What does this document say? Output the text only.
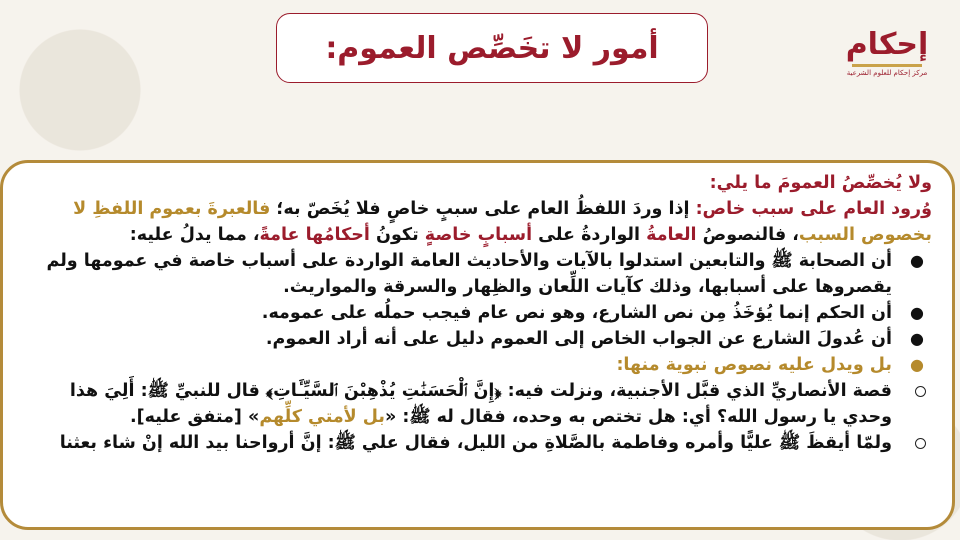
إحكام
مركز إحكام للعلوم الشرعية
أمور لا تخَصِّص العموم:

ولا يُخصِّصُ العمومَ ما يلي:

وُرود العام على سبب خاص: إذا وردَ اللفظُ العام على سببٍ خاصٍ فلا يُخَصّ به؛ فالعبرةَ بعموم اللفظِ لا بخصوص السبب، فالنصوصُ العامةُ الواردةُ على أسبابٍ خاصةٍ تكونُ أحكامُها عامةً، مما يدلُ عليه:

●
أن الصحابة ﷺ والتابعين استدلوا بالآيات والأحاديث العامة الواردة على أسباب خاصة في عمومها ولم يقصروها على أسبابها، وذلك كآيات اللِّعان والظِهار والسرقة والمواريث.
●
أن الحكم إنما يُؤخَذُ مِن نص الشارع، وهو نص عام فيجب حملُه على عمومه.
●
أن عُدولَ الشارع عن الجواب الخاص إلى العموم دليل على أنه أراد العموم.
●
بل ويدل عليه نصوص نبوية منها:
قصة الأنصاريِّ الذي قبَّل الأجنبية، ونزلت فيه: ﴿إِنَّ ٱلْحَسَنَٰتِ يُذْهِبْنَ ٱلسَّيِّـَٔاتِ﴾ قال للنبيِّ ﷺ: أَلِيَ هذا وحدي يا رسول الله؟ أي: هل تختص به وحده، فقال له ﷺ: «بل لأمتي كلِّهم» [متفق عليه].
ولمّا أيقظَ ﷺ عليًّا وأمره وفاطمة بالصَّلاةِ من الليل، فقال علي ﷺ: إنَّ أرواحنا بيد الله إنْ شاء بعثنا
